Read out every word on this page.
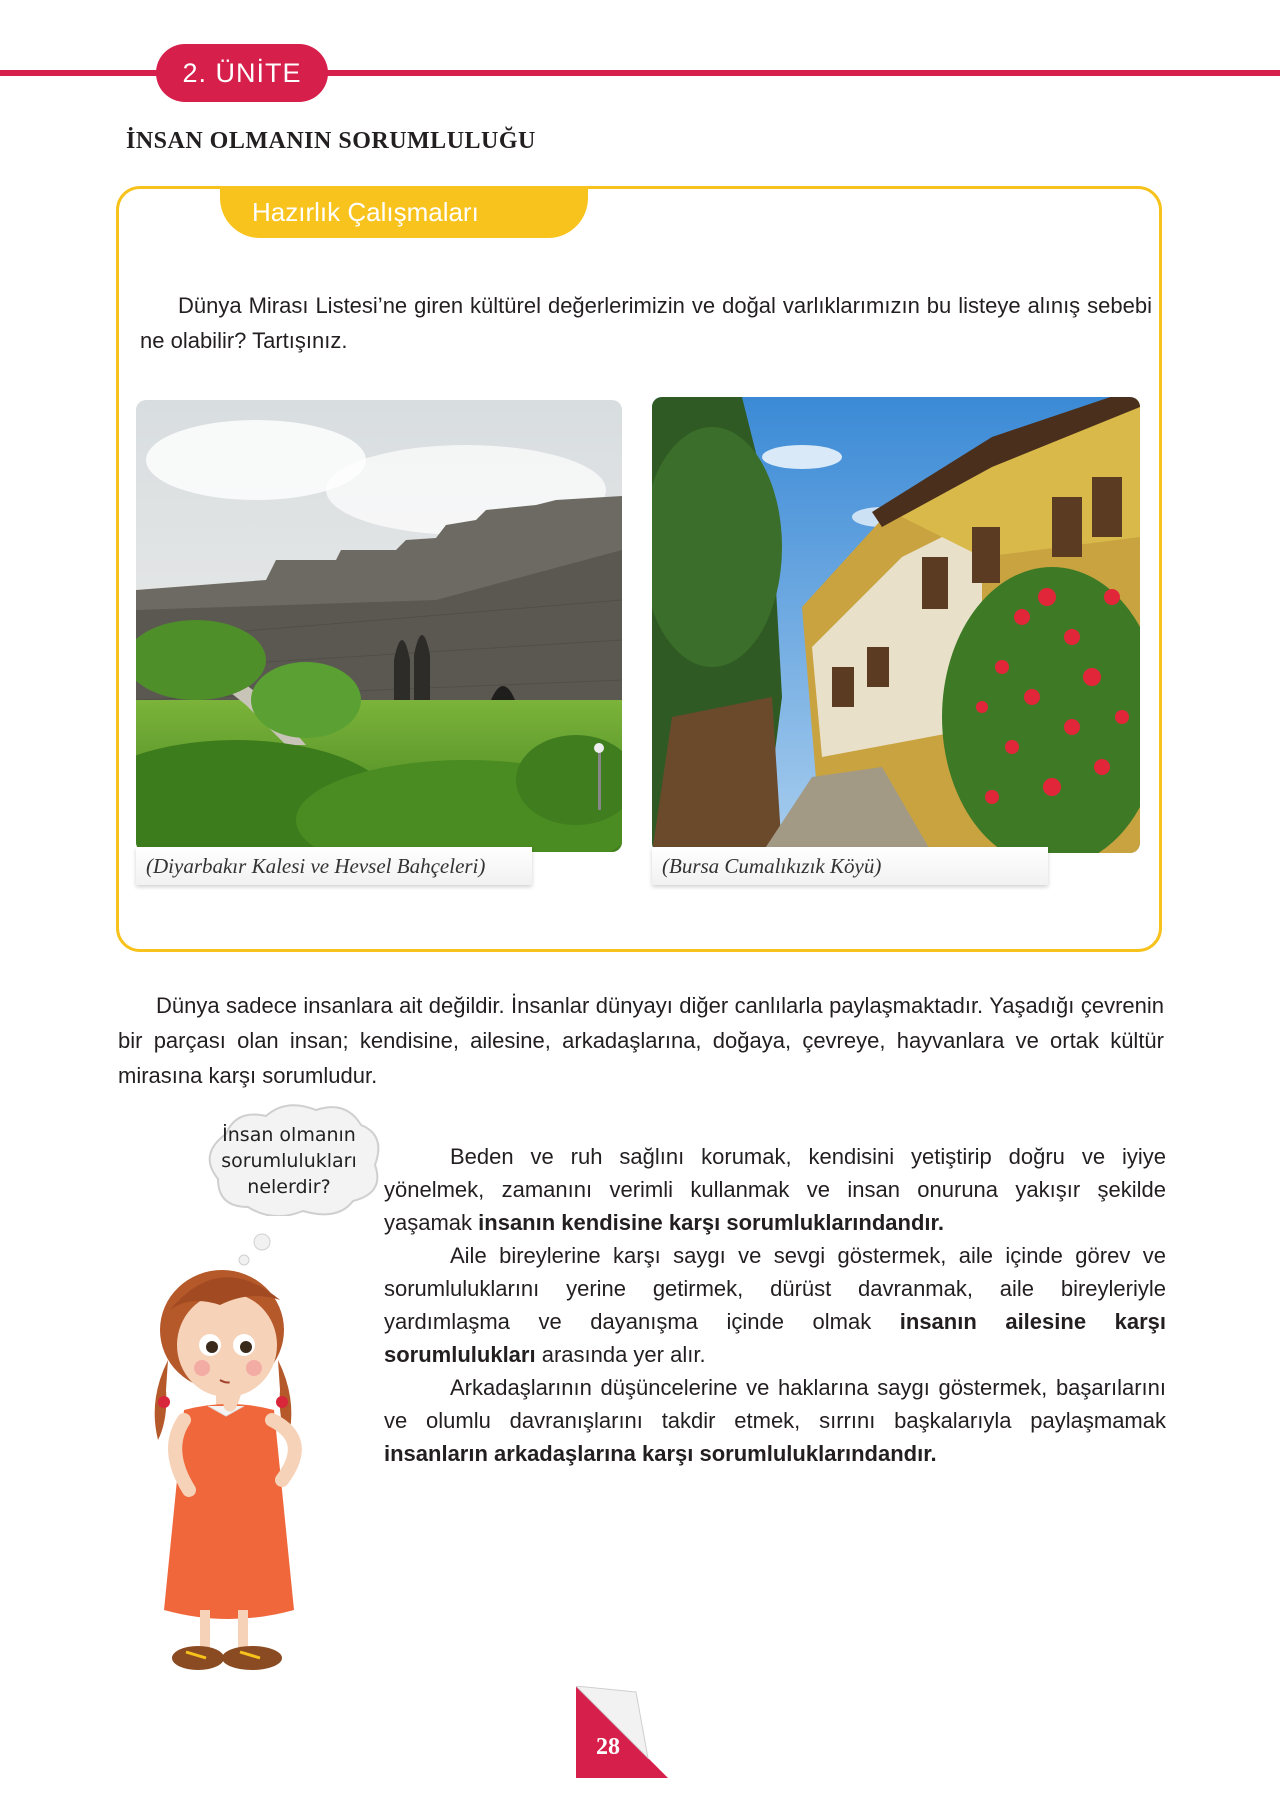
2. ÜNİTE
İNSAN OLMANIN SORUMLULUĞU
Hazırlık Çalışmaları

Dünya Mirası Listesi’ne giren kültürel değerlerimizin ve doğal varlıklarımızın bu listeye alınış sebebi ne olabilir? Tartışınız.

(Diyarbakır Kalesi ve Hevsel Bahçeleri)	(Bursa Cumalıkızık Köyü)

Dünya sadece insanlara ait değildir. İnsanlar dünyayı diğer canlılarla paylaşmaktadır. Yaşadığı çevrenin bir parçası olan insan; kendisine, ailesine, arkadaşlarına, doğaya, çevreye, hayvanlara ve ortak kültür mirasına karşı sorumludur.

İnsan olmanın
sorumlulukları
nelerdir?

Beden ve ruh sağlını korumak, kendisini yetiştirip doğru ve iyiye yönelmek, zamanını verimli kullanmak ve insan onuruna yakışır şekilde yaşamak insanın kendisine karşı sorumluklarındandır.

Aile bireylerine karşı saygı ve sevgi göstermek, aile içinde görev ve sorumluluklarını yerine getirmek, dürüst davranmak, aile bireyleriyle yardımlaşma ve dayanışma içinde olmak insanın ailesine karşı sorumlulukları arasında yer alır.

Arkadaşlarının düşüncelerine ve haklarına saygı göstermek, başarılarını ve olumlu davranışlarını takdir etmek, sırrını başkalarıyla paylaşmamak insanların arkadaşlarına karşı sorumluluklarındandır.

28
